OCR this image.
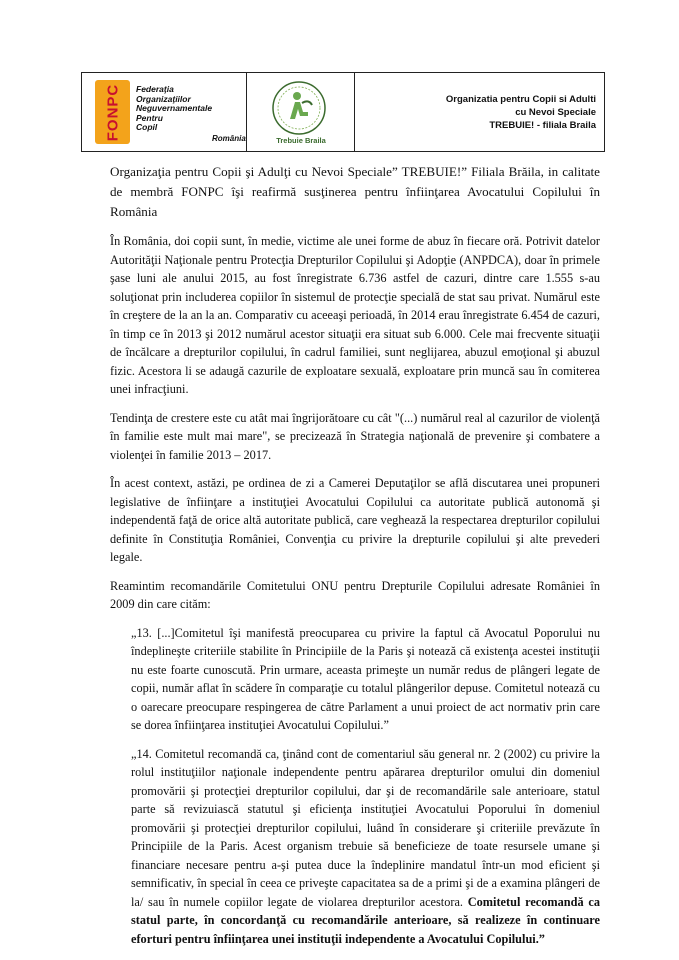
FONPC Federaţia
Organizaţiilor
Neguvernamentale
Pentru
Copil
România	Trebuie Braila
Organizatia pentru Copii si Adulti
cu Nevoi Speciale
TREBUIE! - filiala Braila

Organizaţia pentru Copii şi Adulţi cu Nevoi Speciale” TREBUIE!” Filiala Brăila, in calitate de membră FONPC îşi reafirmă susţinerea pentru înfiinţarea Avocatului Copilului în România

În România, doi copii sunt, în medie, victime ale unei forme de abuz în fiecare oră. Potrivit datelor Autorităţii Naţionale pentru Protecţia Drepturilor Copilului şi Adopţie (ANPDCA), doar în primele şase luni ale anului 2015, au fost înregistrate 6.736 astfel de cazuri, dintre care 1.555 s-au soluţionat prin includerea copiilor în sistemul de protecţie specială de stat sau privat. Numărul este în creştere de la an la an. Comparativ cu aceeaşi perioadă, în 2014 erau înregistrate 6.454 de cazuri, în timp ce în 2013 şi 2012 numărul acestor situaţii era situat sub 6.000. Cele mai frecvente situaţii de încălcare a drepturilor copilului, în cadrul familiei, sunt neglijarea, abuzul emoţional şi abuzul fizic. Acestora li se adaugă cazurile de exploatare sexuală, exploatare prin muncă sau în comiterea unei infracţiuni.

Tendinţa de crestere este cu atât mai îngrijorătoare cu cât "(...) numărul real al cazurilor de violenţă în familie este mult mai mare", se precizează în Strategia naţională de prevenire şi combatere a violenţei în familie 2013 – 2017.

În acest context, astăzi, pe ordinea de zi a Camerei Deputaţilor se află discutarea unei propuneri legislative de înfiinţare a instituţiei Avocatului Copilului ca autoritate publică autonomă şi independentă faţă de orice altă autoritate publică, care veghează la respectarea drepturilor copilului definite în Constituţia României, Convenţia cu privire la drepturile copilului şi alte prevederi legale.

Reamintim recomandările Comitetului ONU pentru Drepturile Copilului adresate României în 2009 din care cităm:

„13. [...]Comitetul îşi manifestă preocuparea cu privire la faptul că Avocatul Poporului nu îndeplineşte criteriile stabilite în Principiile de la Paris şi notează că existenţa acestei instituţii nu este foarte cunoscută. Prin urmare, aceasta primeşte un număr redus de plângeri legate de copii, număr aflat în scădere în comparaţie cu totalul plângerilor depuse. Comitetul notează cu o oarecare preocupare respingerea de către Parlament a unui proiect de act normativ prin care se dorea înfiinţarea instituţiei Avocatului Copilului.”

„14. Comitetul recomandă ca, ţinând cont de comentariul său general nr. 2 (2002) cu privire la rolul instituţiilor naţionale independente pentru apărarea drepturilor omului din domeniul promovării şi protecţiei drepturilor copilului, dar şi de recomandările sale anterioare, statul parte să revizuiască statutul şi eficienţa instituţiei Avocatului Poporului în domeniul promovării şi protecţiei drepturilor copilului, luând în considerare şi criteriile prevăzute în Principiile de la Paris. Acest organism trebuie să beneficieze de toate resursele umane şi financiare necesare pentru a-şi putea duce la îndeplinire mandatul într-un mod eficient şi semnificativ, în special în ceea ce priveşte capacitatea sa de a primi şi de a examina plângeri de la/ sau în numele copiilor legate de violarea drepturilor acestora. Comitetul recomandă ca statul parte, în concordanţă cu recomandările anterioare, să realizeze în continuare eforturi pentru înfiinţarea unei instituţii independente a Avocatului Copilului.”
